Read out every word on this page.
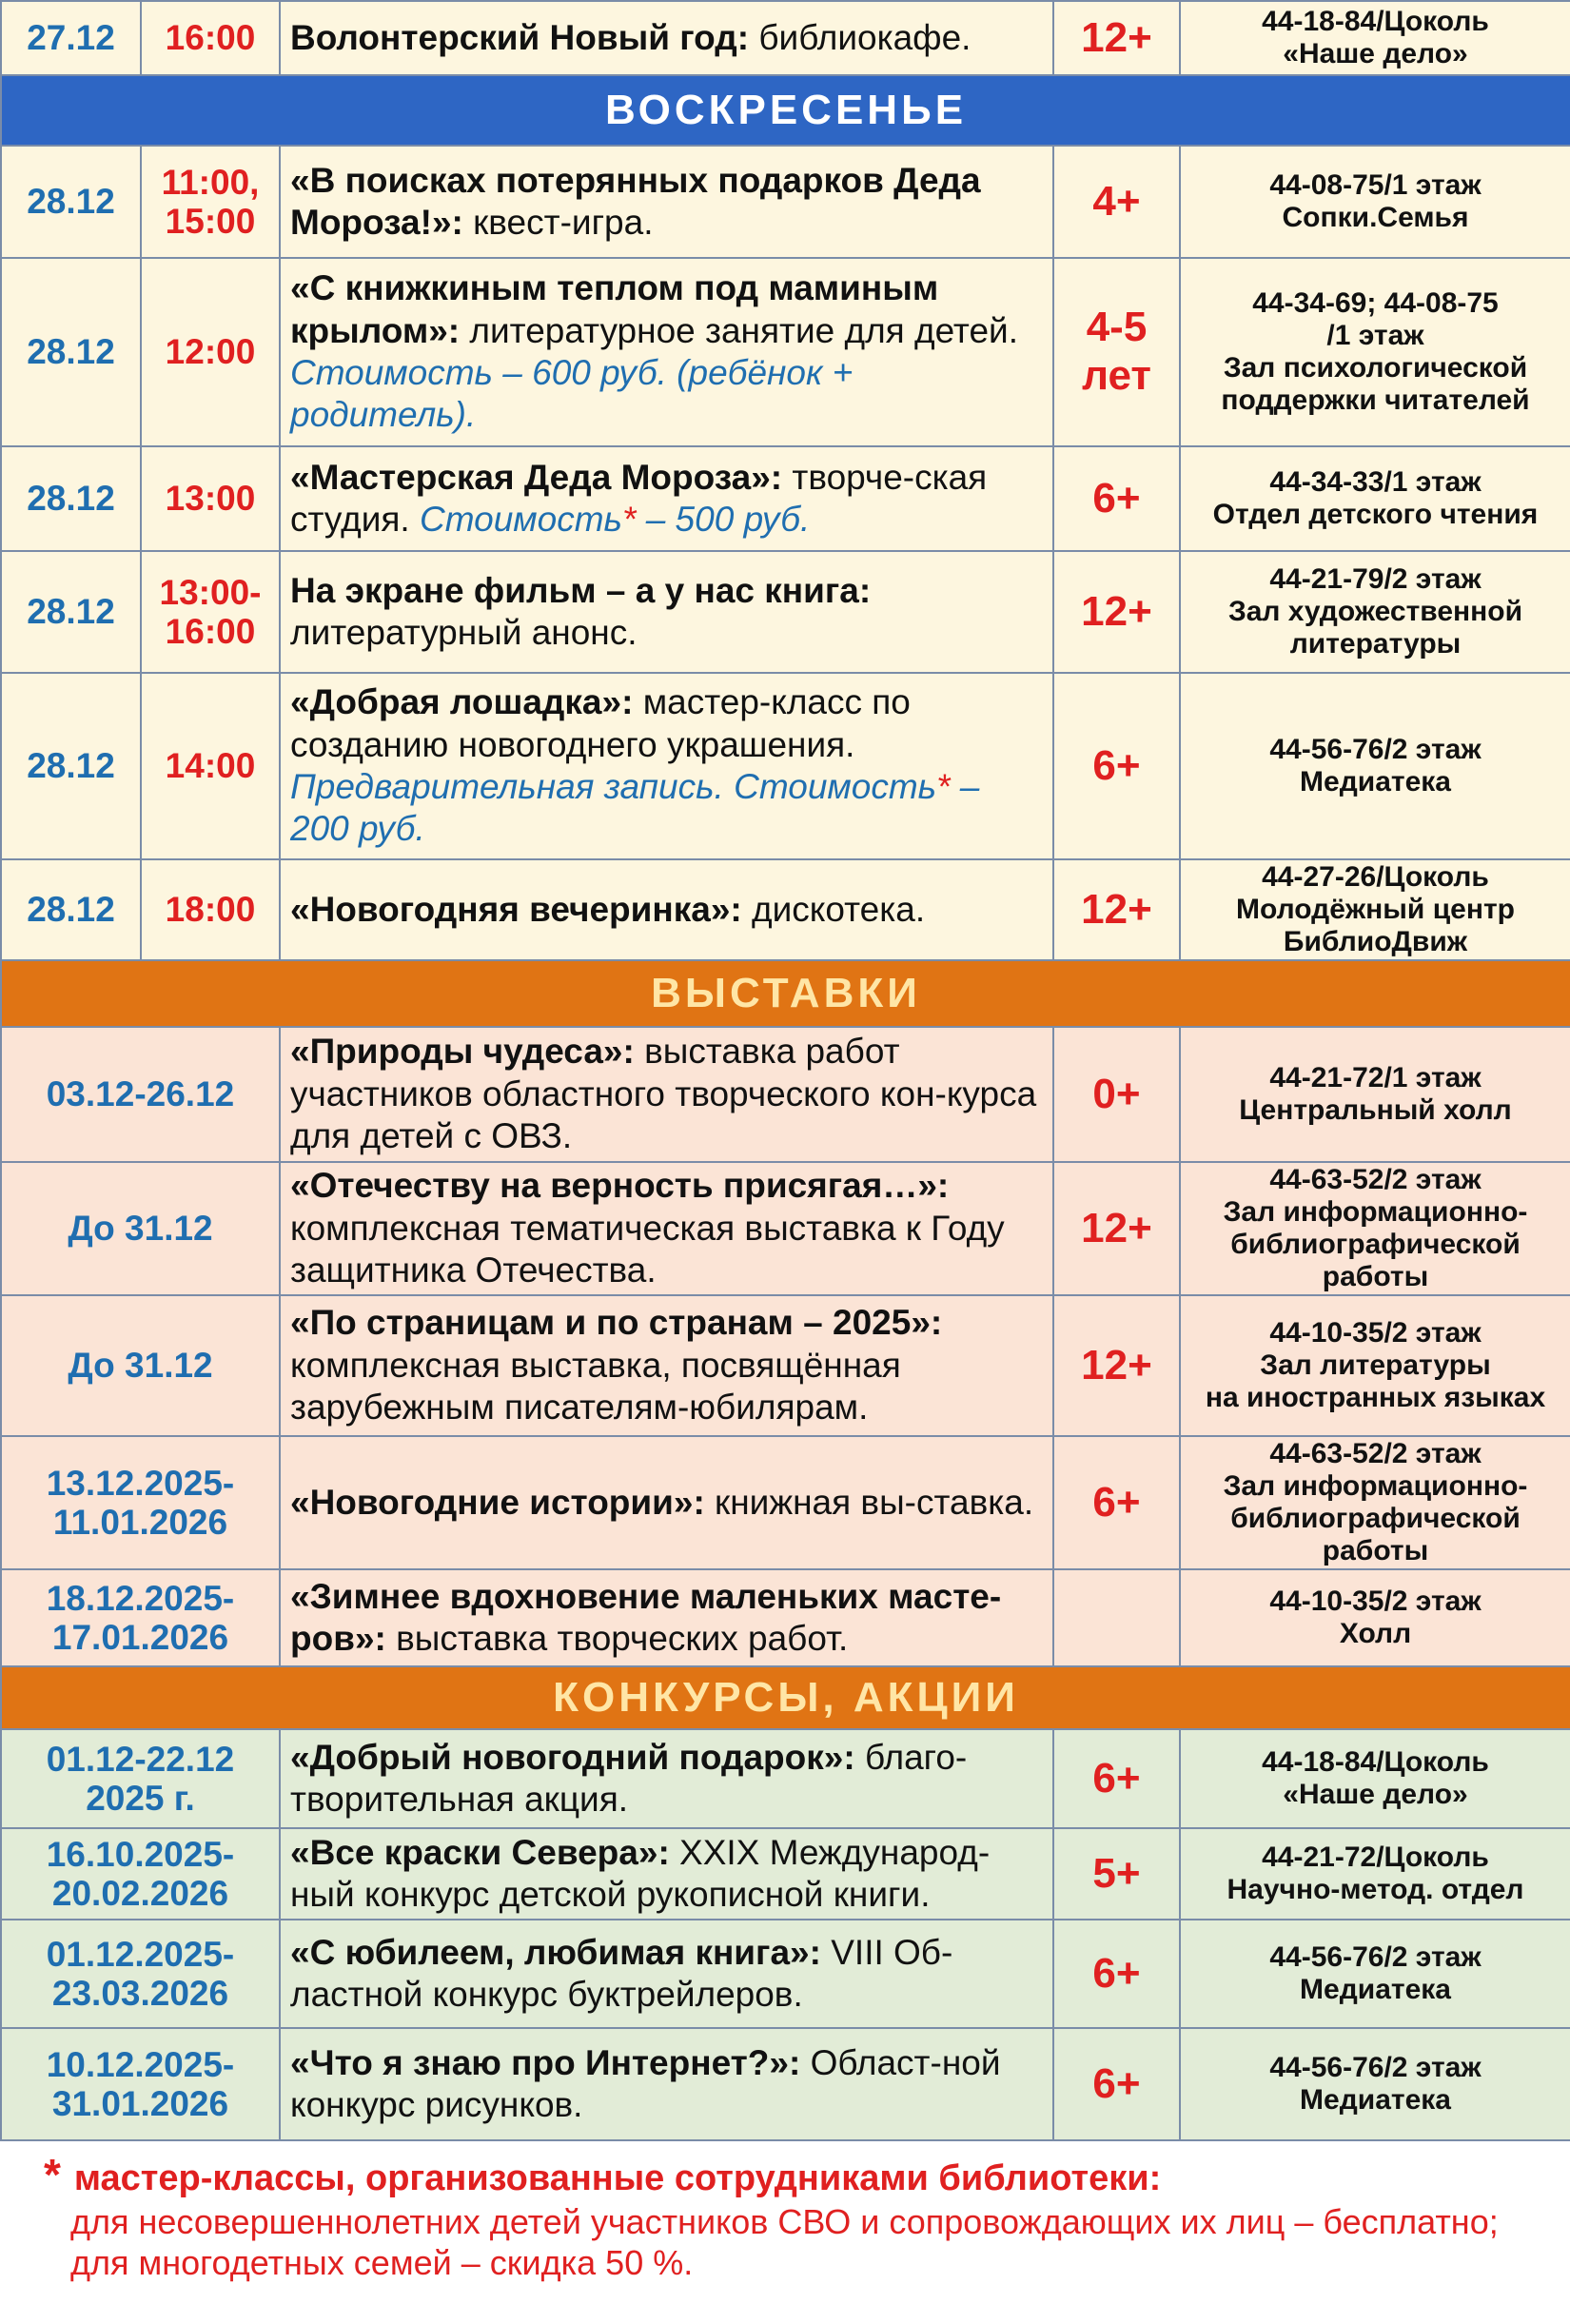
27.12	16:00	Волонтерский Новый год: библиокафе.	12+	44-18-84/Цоколь
«Наше дело»

ВОСКРЕСЕНЬЕ				
28.12	11:00, 15:00	«В поисках потерянных подарков Деда Мороза!»: квест-игра.	4+	44-08-75/1 этаж
Сопки.Семья

28.12	12:00	«С книжкиным теплом под маминым крылом»: литературное занятие для детей. Стоимость – 600 руб. (ребёнок + родитель).	4-5 лет	44-34-69; 44-08-75
/1 этаж
Зал психологической
поддержки читателей

28.12	13:00	«Мастерская Деда Мороза»: творче-ская студия. Стоимость* – 500 руб.	6+	44-34-33/1 этаж
Отдел детского чтения

28.12	13:00-16:00	На экране фильм – а у нас книга: литературный анонс.	12+	44-21-79/2 этаж
Зал художественной
литературы

28.12	14:00	«Добрая лошадка»: мастер-класс по созданию новогоднего украшения. Предварительная запись. Стоимость* – 200 руб.	6+	44-56-76/2 этаж
Медиатека

28.12	18:00	«Новогодняя вечеринка»: дискотека.	12+	44-27-26/Цоколь
Молодёжный центр
БиблиоДвиж

ВЫСТАВКИ				
03.12-26.12		«Природы чудеса»: выставка работ участников областного творческого кон-курса для детей с ОВЗ.	0+	44-21-72/1 этаж
Центральный холл

До 31.12		«Отечеству на верность присягая…»: комплексная тематическая выставка к Году защитника Отечества.	12+	44-63-52/2 этаж
Зал информационно-
библиографической
работы

До 31.12		«По страницам и по странам – 2025»: комплексная выставка, посвящённая зарубежным писателям-юбилярам.	12+	44-10-35/2 этаж
Зал литературы
на иностранных языках

13.12.2025-11.01.2026		«Новогодние истории»: книжная вы-ставка.	6+	44-63-52/2 этаж
Зал информационно-
библиографической
работы

18.12.2025-17.01.2026		«Зимнее вдохновение маленьких масте-ров»: выставка творческих работ.		44-10-35/2 этаж
Холл

КОНКУРСЫ, АКЦИИ				
01.12-22.12 2025 г.		«Добрый новогодний подарок»: благо-творительная акция.	6+	44-18-84/Цоколь
«Наше дело»

16.10.2025-20.02.2026		«Все краски Севера»: XXIX Международ-ный конкурс детской рукописной книги.	5+	44-21-72/Цоколь
Научно-метод. отдел

01.12.2025-23.03.2026		«С юбилеем, любимая книга»: VIII Об-ластной конкурс буктрейлеров.	6+	44-56-76/2 этаж
Медиатека

10.12.2025-31.01.2026		«Что я знаю про Интернет?»: Област-ной конкурс рисунков.	6+	44-56-76/2 этаж
Медиатека
* мастер-классы, организованные сотрудниками библиотеки:
для несовершеннолетних детей участников СВО и сопровождающих их лиц – бесплатно;
для многодетных семей – скидка 50 %.
